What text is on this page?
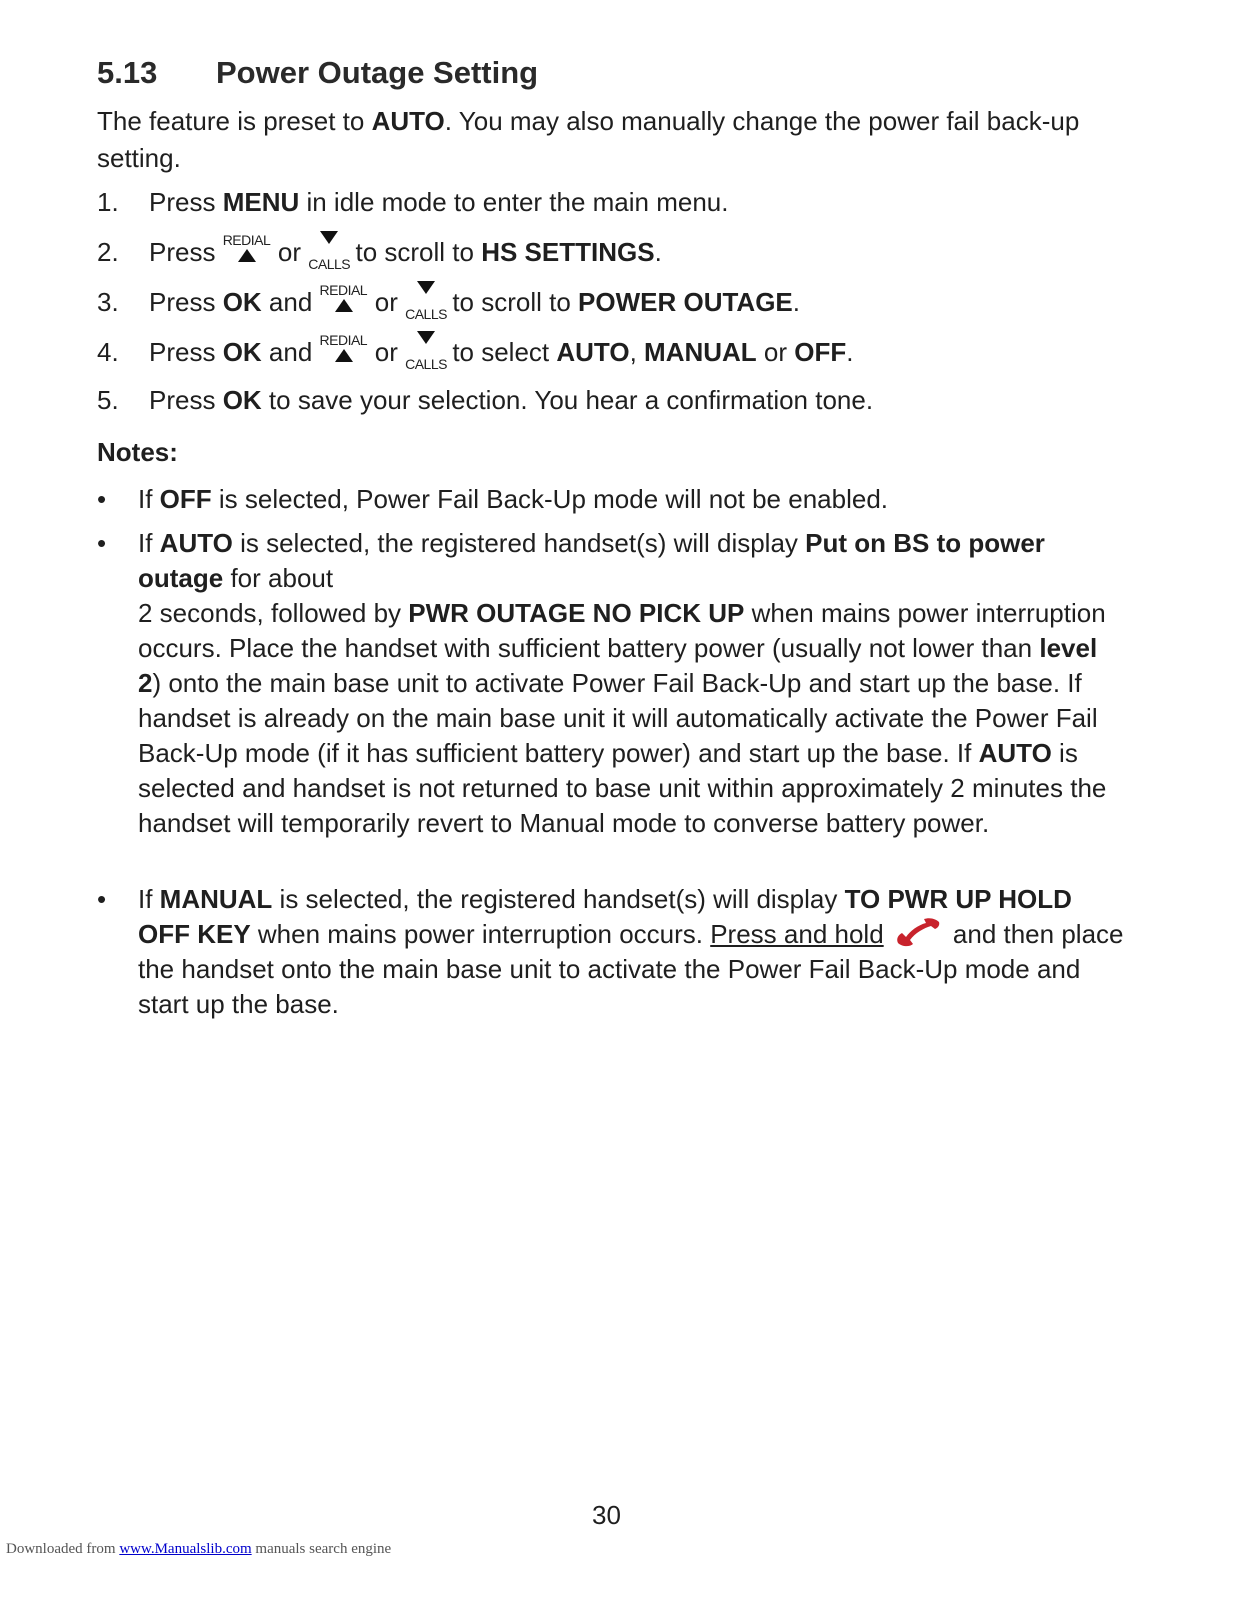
5.13 Power Outage Setting
The feature is preset to AUTO. You may also manually change the power fail back-up setting.
1. Press MENU in idle mode to enter the main menu.
2. Press REDIAL or CALLS
to scroll to HS SETTINGS.
3. Press OK and REDIAL or CALLS
to scroll to POWER OUTAGE.
4. Press OK and REDIAL or CALLS
to select AUTO, MANUAL or OFF.
5. Press OK to save your selection. You hear a confirmation tone.
Notes:
• If OFF is selected, Power Fail Back-Up mode will not be enabled.
• If AUTO is selected, the registered handset(s) will display Put on BS to power outage for about
2 seconds, followed by PWR OUTAGE NO PICK UP when mains power interruption occurs. Place the handset with sufficient battery power (usually not lower than level 2) onto the main base unit to activate Power Fail Back-Up and start up the base. If handset is already on the main base unit it will automatically activate the Power Fail Back-Up mode (if it has sufficient battery power) and start up the base. If AUTO is selected and handset is not returned to base unit within approximately 2 minutes the handset will temporarily revert to Manual mode to converse battery power.
• If MANUAL is selected, the registered handset(s) will display TO PWR UP HOLD OFF KEY when mains power interruption occurs. Press and hold and then place the handset onto the main base unit to activate the Power Fail Back-Up mode and start up the base.
30
Downloaded from www.Manualslib.com manuals search engine
